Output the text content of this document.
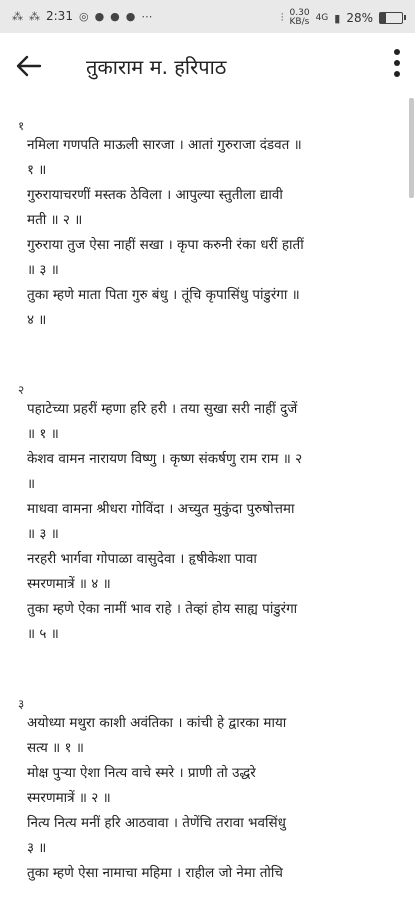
⁂ ⁂ 2:31 ◎ ● ● ● ⋯	⫶ 0.30
KB/s 4G ▮ 28%
तुकाराम म. हरिपाठ
१
नमिला गणपति माऊली सारजा । आतां गुरुराजा दंडवत ॥
१ ॥
गुरुरायाचरणीं मस्तक ठेविला । आपुल्या स्तुतीला द्यावी
मती ॥ २ ॥
गुरुराया तुज ऐसा नाहीं सखा । कृपा करुनी रंका धरीं हातीं
॥ ३ ॥
तुका म्हणे माता पिता गुरु बंधु । तूंचि कृपासिंधु पांडुरंगा ॥
४ ॥
२
पहाटेच्या प्रहरीं म्हणा हरि हरी । तया सुखा सरी नाहीं दुजें
॥ १ ॥
केशव वामन नारायण विष्णु । कृष्ण संकर्षणु राम राम ॥ २
॥
माधवा वामना श्रीधरा गोविंदा । अच्युत मुकुंदा पुरुषोत्तमा
॥ ३ ॥
नरहरी भार्गवा गोपाळा वासुदेवा । हृषीकेशा पावा
स्मरणमात्रें ॥ ४ ॥
तुका म्हणे ऐका नामीं भाव राहे । तेव्हां होय साह्य पांडुरंगा
॥ ५ ॥
३
अयोध्या मथुरा काशी अवंतिका । कांची हे द्वारका माया
सत्य ॥ १ ॥
मोक्ष पुऱ्या ऐशा नित्य वाचे स्मरे । प्राणी तो उद्धरे
स्मरणमात्रें ॥ २ ॥
नित्य नित्य मनीं हरि आठवावा । तेणेंचि तरावा भवसिंधु
३ ॥
तुका म्हणे ऐसा नामाचा महिमा । राहील जो नेमा तोचि
